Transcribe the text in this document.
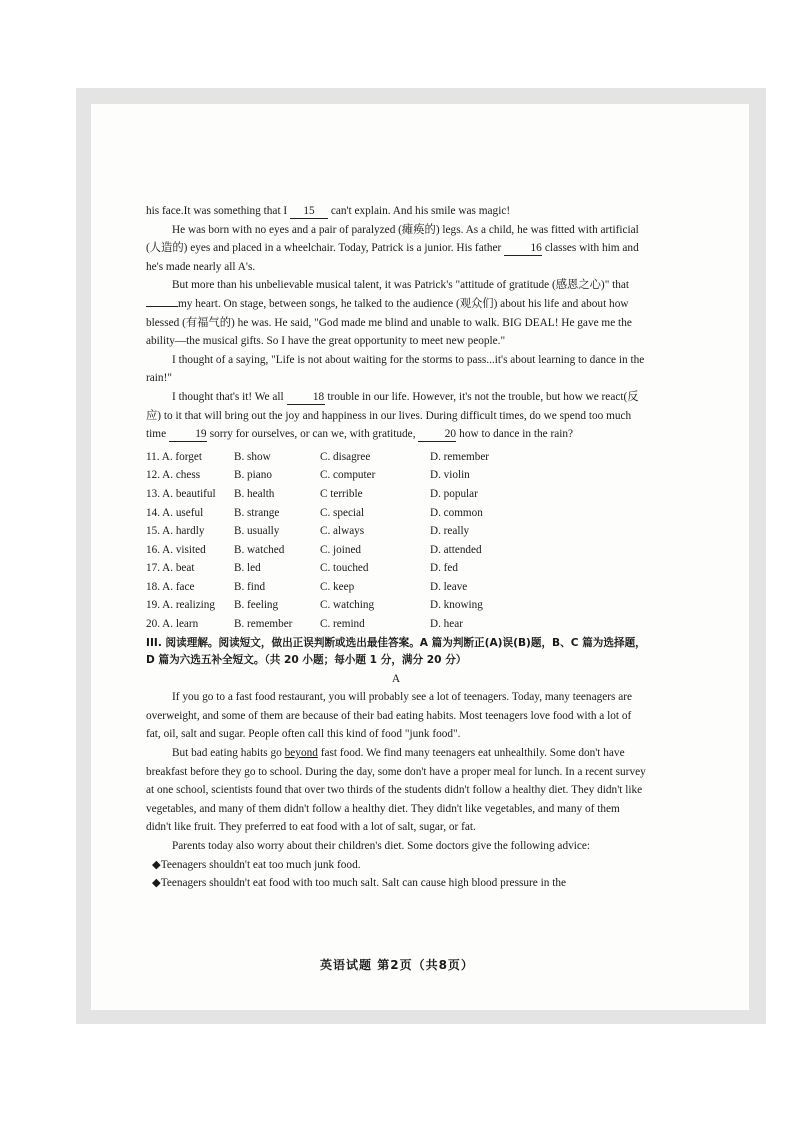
his face.It was something that I 15 can't explain. And his smile was magic!

He was born with no eyes and a pair of paralyzed (瘫痪的) legs. As a child, he was fitted with artificial (人造的) eyes and placed in a wheelchair. Today, Patrick is a junior. His father 16 classes with him and he's made nearly all A's.

But more than his unbelievable musical talent, it was Patrick's "attitude of gratitude (感恩之心)" thatmy heart. On stage, between songs, he talked to the audience (观众们) about his life and about how blessed (有福气的) he was. He said, "God made me blind and unable to walk. BIG DEAL! He gave me the ability—the musical gifts. So I have the great opportunity to meet new people."

I thought of a saying, "Life is not about waiting for the storms to pass...it's about learning to dance in the rain!"

I thought that's it! We all 18 trouble in our life. However, it's not the trouble, but how we react(反应) to it that will bring out the joy and happiness in our lives. During difficult times, do we spend too much time 19 sorry for ourselves, or can we, with gratitude, 20 how to dance in the rain?

11. A. forget	B. show	C. disagree	D. remember
12. A. chess	B. piano	C. computer	D. violin
13. A. beautiful	B. health	C terrible	D. popular
14. A. useful	B. strange	C. special	D. common
15. A. hardly	B. usually	C. always	D. really
16. A. visited	B. watched	C. joined	D. attended
17. A. beat	B. led	C. touched	D. fed
18. A. face	B. find	C. keep	D. leave
19. A. realizing	B. feeling	C. watching	D. knowing
20. A. learn	B. remember	C. remind	D. hear

III. 阅读理解。阅读短文，做出正误判断或选出最佳答案。A 篇为判断正(A)误(B)题，B、C 篇为选择题，D 篇为六选五补全短文。（共 20 小题；每小题 1 分，满分 20 分）

A

If you go to a fast food restaurant, you will probably see a lot of teenagers. Today, many teenagers are overweight, and some of them are because of their bad eating habits. Most teenagers love food with a lot of fat, oil, salt and sugar. People often call this kind of food "junk food".

But bad eating habits go beyond fast food. We find many teenagers eat unhealthily. Some don't have breakfast before they go to school. During the day, some don't have a proper meal for lunch. In a recent survey at one school, scientists found that over two thirds of the students didn't follow a healthy diet. They didn't like vegetables, and many of them didn't follow a healthy diet. They didn't like vegetables, and many of them didn't like fruit. They preferred to eat food with a lot of salt, sugar, or fat.

Parents today also worry about their children's diet. Some doctors give the following advice:

◆Teenagers shouldn't eat too much junk food.

◆Teenagers shouldn't eat food with too much salt. Salt can cause high blood pressure in the

英语试题 第2页（共8页）
